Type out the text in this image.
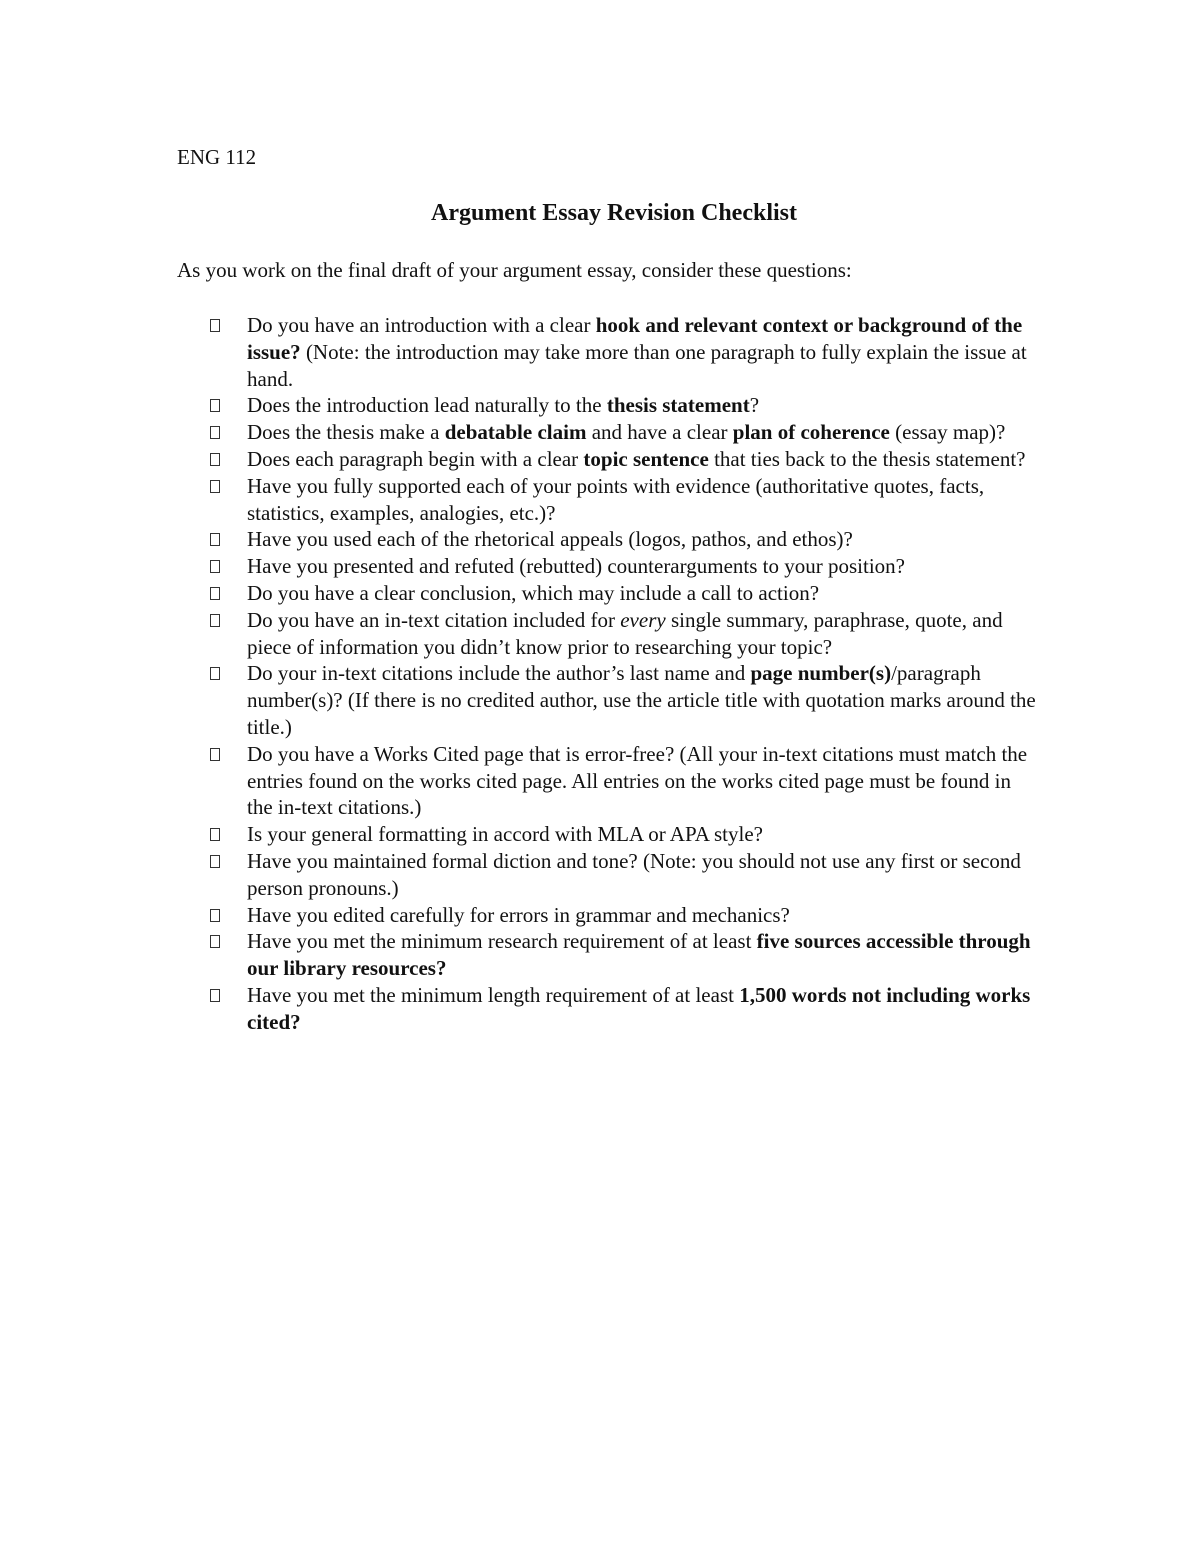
ENG 112
Argument Essay Revision Checklist
As you work on the final draft of your argument essay, consider these questions:
Do you have an introduction with a clear hook and relevant context or background of the issue? (Note: the introduction may take more than one paragraph to fully explain the issue at hand.
Does the introduction lead naturally to the thesis statement?
Does the thesis make a debatable claim and have a clear plan of coherence (essay map)?
Does each paragraph begin with a clear topic sentence that ties back to the thesis statement?
Have you fully supported each of your points with evidence (authoritative quotes, facts, statistics, examples, analogies, etc.)?
Have you used each of the rhetorical appeals (logos, pathos, and ethos)?
Have you presented and refuted (rebutted) counterarguments to your position?
Do you have a clear conclusion, which may include a call to action?
Do you have an in-text citation included for every single summary, paraphrase, quote, and piece of information you didn’t know prior to researching your topic?
Do your in-text citations include the author’s last name and page number(s)/paragraph number(s)? (If there is no credited author, use the article title with quotation marks around the title.)
Do you have a Works Cited page that is error-free? (All your in-text citations must match the entries found on the works cited page. All entries on the works cited page must be found in the in-text citations.)
Is your general formatting in accord with MLA or APA style?
Have you maintained formal diction and tone? (Note: you should not use any first or second person pronouns.)
Have you edited carefully for errors in grammar and mechanics?
Have you met the minimum research requirement of at least five sources accessible through our library resources?
Have you met the minimum length requirement of at least 1,500 words not including works cited?
